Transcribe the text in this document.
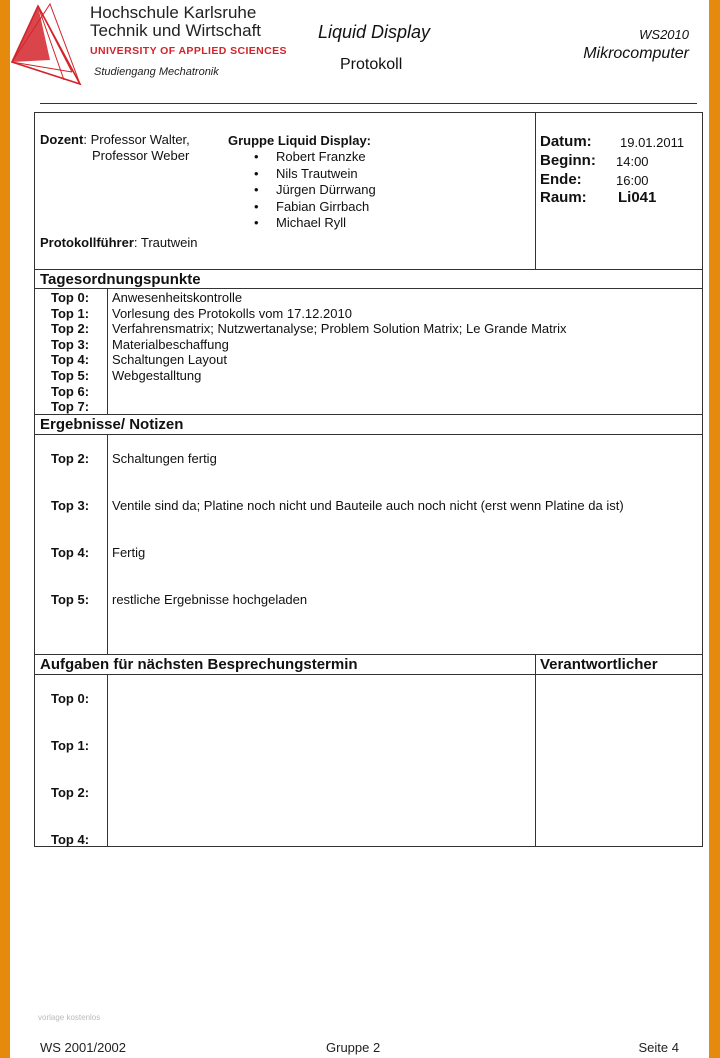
Hochschule Karlsruhe
Technik und Wirtschaft
UNIVERSITY OF APPLIED SCIENCES
Studiengang Mechatronik
Liquid Display
Protokoll
WS2010
Mikrocomputer
Dozent: Professor Walter,
Professor Weber
Gruppe Liquid Display:
• Robert Franzke
• Nils Trautwein
• Jürgen Dürrwang
• Fabian Girrbach
• Michael Ryll
Protokollführer: Trautwein
Datum: 19.01.2011
Beginn: 14:00
Ende:	16:00
Raum: Li041
Tagesordnungspunkte
Top 0: Anwesenheitskontrolle
Top 1: Vorlesung des Protokolls vom 17.12.2010
Top 2: Verfahrensmatrix; Nutzwertanalyse; Problem Solution Matrix; Le Grande Matrix
Top 3: Materialbeschaffung
Top 4: Schaltungen Layout
Top 5: Webgestalltung
Top 6:
Top 7:
Ergebnisse/ Notizen
Top 2: Schaltungen fertig
Top 3: Ventile sind da; Platine noch nicht und Bauteile auch noch nicht (erst wenn Platine da ist)
Top 4: Fertig
Top 5: restliche Ergebnisse hochgeladen
Aufgaben für nächsten Besprechungstermin	Verantwortlicher
Top 0:
Top 1:
Top 2:
Top 4:
vorlage kostenlos
WS 2001/2002	Gruppe 2	Seite 4
